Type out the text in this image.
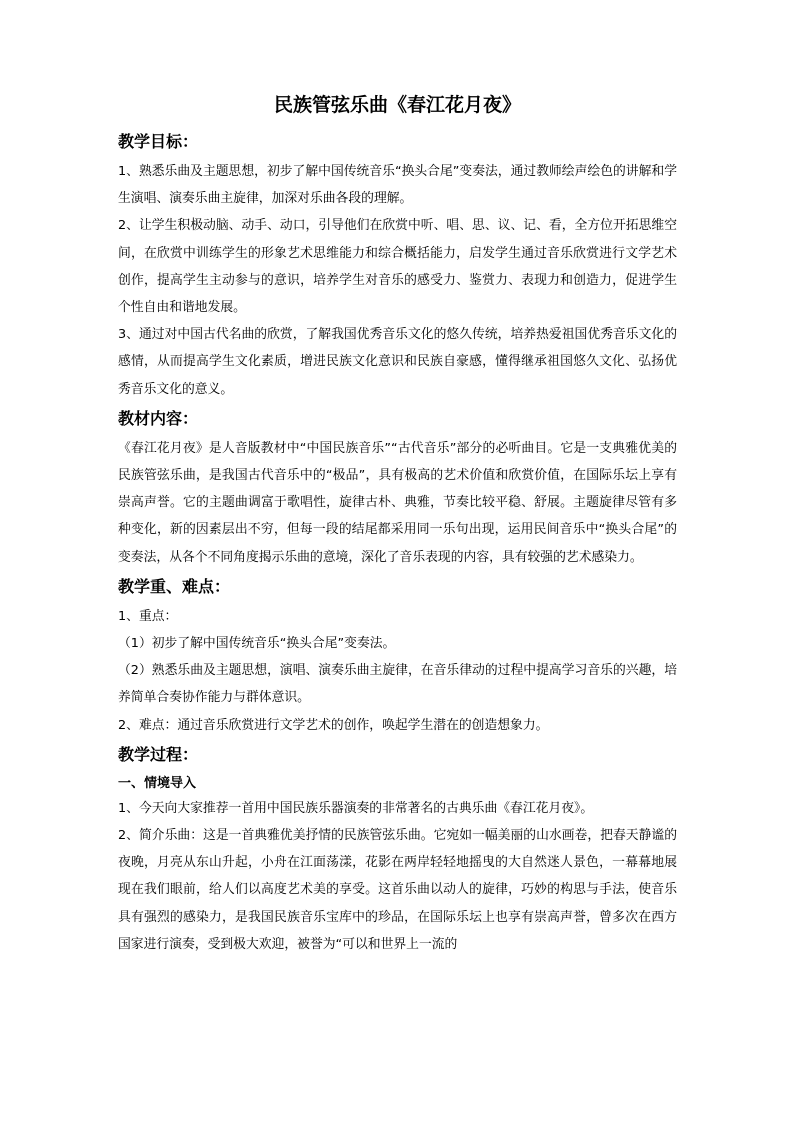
民族管弦乐曲《春江花月夜》
教学目标：

1、熟悉乐曲及主题思想，初步了解中国传统音乐“换头合尾”变奏法，通过教师绘声绘色的讲解和学生演唱、演奏乐曲主旋律，加深对乐曲各段的理解。

2、让学生积极动脑、动手、动口，引导他们在欣赏中听、唱、思、议、记、看，全方位开拓思维空间，在欣赏中训练学生的形象艺术思维能力和综合概括能力，启发学生通过音乐欣赏进行文学艺术创作，提高学生主动参与的意识，培养学生对音乐的感受力、鉴赏力、表现力和创造力，促进学生个性自由和谐地发展。

3、通过对中国古代名曲的欣赏，了解我国优秀音乐文化的悠久传统，培养热爱祖国优秀音乐文化的感情，从而提高学生文化素质，增进民族文化意识和民族自豪感，懂得继承祖国悠久文化、弘扬优秀音乐文化的意义。

教材内容：

《春江花月夜》是人音版教材中“中国民族音乐”“古代音乐”部分的必听曲目。它是一支典雅优美的民族管弦乐曲，是我国古代音乐中的“极品”，具有极高的艺术价值和欣赏价值，在国际乐坛上享有崇高声誉。它的主题曲调富于歌唱性，旋律古朴、典雅，节奏比较平稳、舒展。主题旋律尽管有多种变化，新的因素层出不穷，但每一段的结尾都采用同一乐句出现，运用民间音乐中“换头合尾”的变奏法，从各个不同角度揭示乐曲的意境，深化了音乐表现的内容，具有较强的艺术感染力。

教学重、难点：

1、重点：

（1）初步了解中国传统音乐“换头合尾”变奏法。

（2）熟悉乐曲及主题思想，演唱、演奏乐曲主旋律，在音乐律动的过程中提高学习音乐的兴趣，培养简单合奏协作能力与群体意识。

2、难点：通过音乐欣赏进行文学艺术的创作，唤起学生潜在的创造想象力。

教学过程：
一、情境导入

1、今天向大家推荐一首用中国民族乐器演奏的非常著名的古典乐曲《春江花月夜》。

2、简介乐曲：这是一首典雅优美抒情的民族管弦乐曲。它宛如一幅美丽的山水画卷，把春天静谧的夜晚，月亮从东山升起，小舟在江面荡漾，花影在两岸轻轻地摇曳的大自然迷人景色，一幕幕地展现在我们眼前，给人们以高度艺术美的享受。这首乐曲以动人的旋律，巧妙的构思与手法，使音乐具有强烈的感染力，是我国民族音乐宝库中的珍品，在国际乐坛上也享有崇高声誉，曾多次在西方国家进行演奏，受到极大欢迎，被誉为“可以和世界上一流的
